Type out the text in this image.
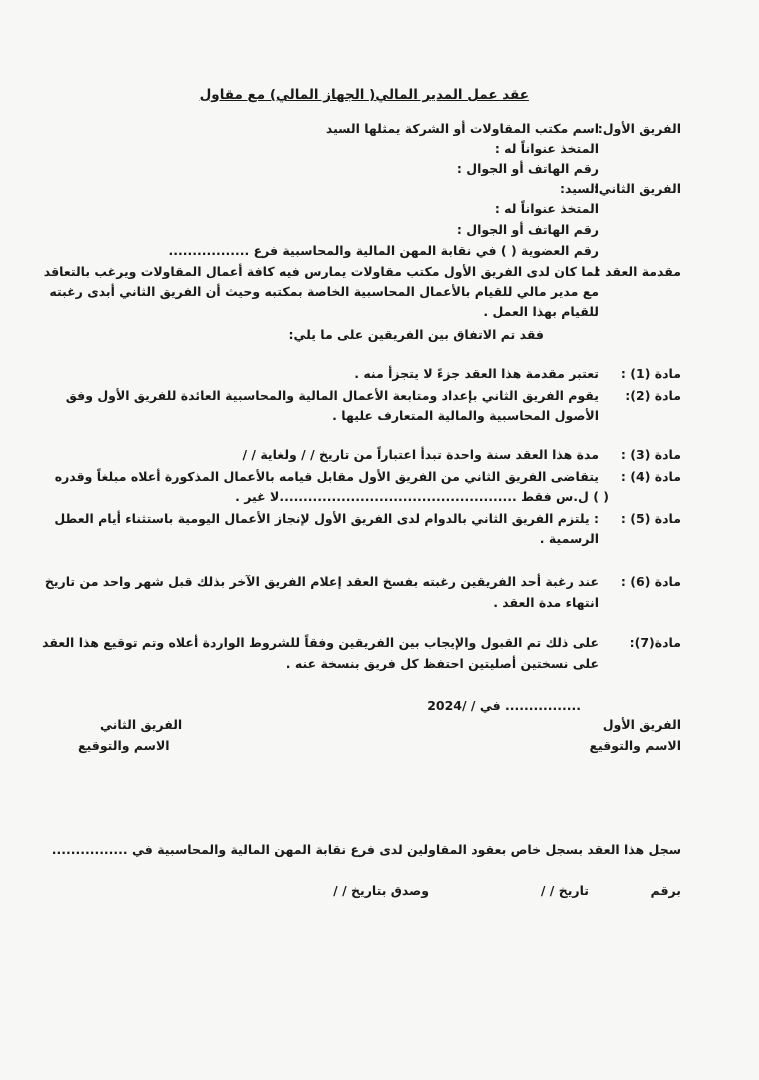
عقد عمل المدير المالي( الجهاز المالي) مع مقاول
الفريق الأول:
اسم مكتب المقاولات أو الشركة يمثلها السيد
المتخذ عنواناً له :
رقم الهاتف أو الجوال :
الفريق الثاني:
السيد:
المتخذ عنواناً له :
رقم الهاتف أو الجوال :
رقم العضوية ( ) في نقابة المهن المالية والمحاسبية فرع .................
مقدمة العقد :
لما كان لدى الفريق الأول مكتب مقاولات يمارس فيه كافة أعمال المقاولات ويرغب بالتعاقد
مع مدير مالي للقيام بالأعمال المحاسبية الخاصة بمكتبه وحيث أن الفريق الثاني أبدى رغبته
للقيام بهذا العمل .
فقد تم الاتفاق بين الفريقين على ما يلي:
مادة (1) :
تعتبر مقدمة هذا العقد جزءً لا يتجزأ منه .
مادة (2):
يقوم الفريق الثاني بإعداد ومتابعة الأعمال المالية والمحاسبية العائدة للفريق الأول وفق
الأصول المحاسبية والمالية المتعارف عليها .
مادة (3) :
مدة هذا العقد سنة واحدة تبدأ اعتباراً من تاريخ / / ولغاية / /
مادة (4) :
يتقاضى الفريق الثاني من الفريق الأول مقابل قيامه بالأعمال المذكورة أعلاه مبلغاً وقدره
( ) ل.س فقط ..................................................لا غير .
مادة (5) :
: يلتزم الفريق الثاني بالدوام لدى الفريق الأول لإنجاز الأعمال اليومية باستثناء أيام العطل
الرسمية .
مادة (6) :
عند رغبة أحد الفريقين رغبته بفسخ العقد إعلام الفريق الآخر بذلك قبل شهر واحد من تاريخ
انتهاء مدة العقد .
مادة(7):
على ذلك تم القبول والإيجاب بين الفريقين وفقاً للشروط الواردة أعلاه وتم توقيع هذا العقد
على نسختين أصليتين احتفظ كل فريق بنسخة عنه .
................ في / /2024
الفريق الأول
الاسم والتوقيع
الفريق الثاني
الاسم والتوقيع
سجل هذا العقد بسجل خاص بعقود المقاولين لدى فرع نقابة المهن المالية والمحاسبية في ................
برقم
تاريخ / /
وصدق بتاريخ / /
